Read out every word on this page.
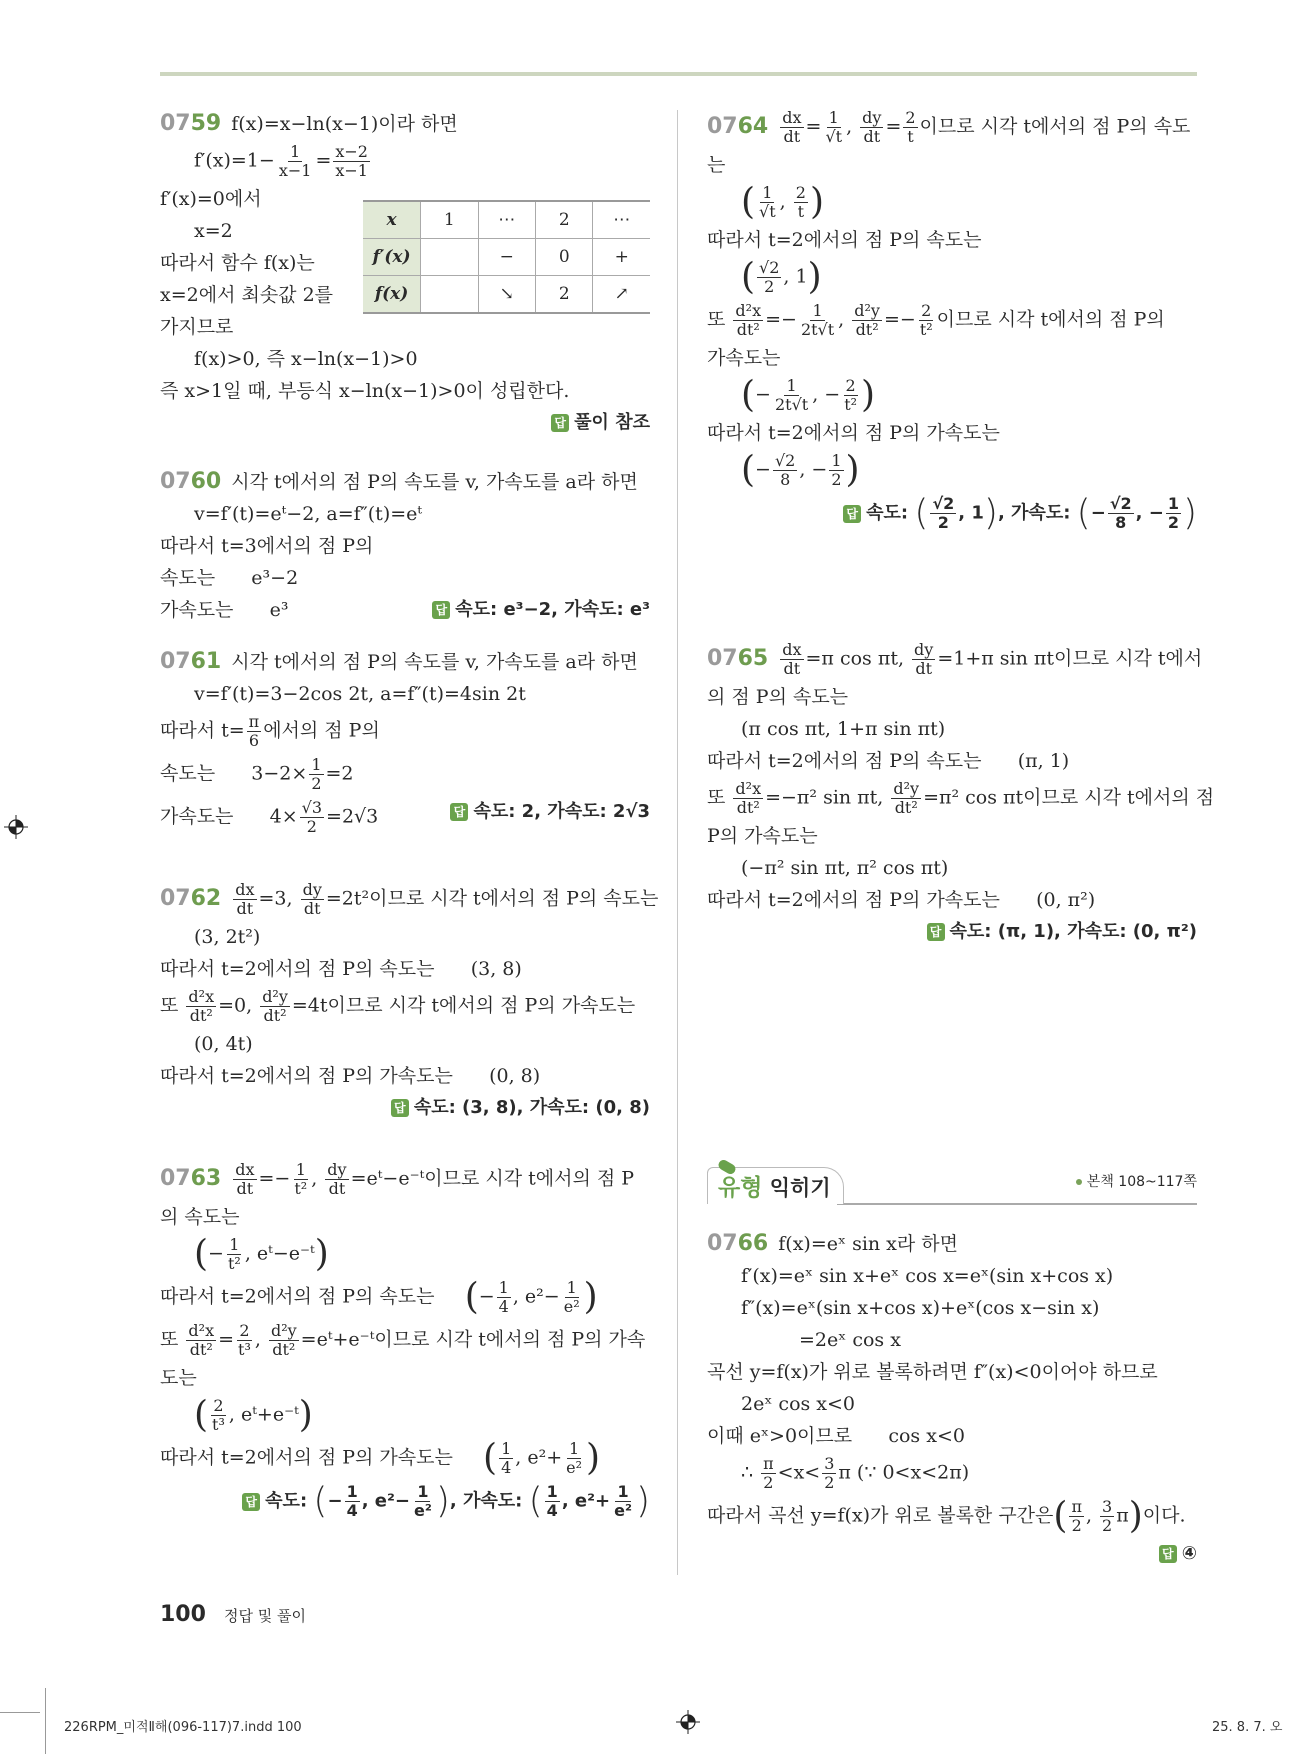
0759 f(x)=x−ln(x−1)이라 하면
$f'(x)=1- \frac{1}{x-1} = \frac{x-2}{x-1}$
f′(x)=0에서
x=2
따라서 함수 f(x)는
x=2에서 최솟값 2를
가지므로
f(x)>0, 즉 x−ln(x−1)>0
즉 x>1일 때, 부등식 x−ln(x−1)>0이 성립한다.
답 풀이 참조
x	1	⋯	2	⋯
f′(x)		−	0	+
f(x)		↘	2	↗
0760 시각 t에서의 점 P의 속도를 v, 가속도를 a라 하면
v=f′(t)=eᵗ−2, a=f″(t)=eᵗ
따라서 t=3에서의 점 P의
속도는      e³−2
가속도는      e³	답 속도: e³−2, 가속도: e³
0761 시각 t에서의 점 P의 속도를 v, 가속도를 a라 하면
v=f′(t)=3−2cos 2t, a=f″(t)=4sin 2t
따라서 $t= \frac{\pi}{6}$ 에서의 점 P의
속도는      $3-2\times \frac{1}{2} =2$
가속도는      $4\times \frac{√3}{2} =2√3$	답 속도: 2, 가속도: 2√3
$0762 \frac{dx}{dt} =3$, $\frac{dy}{dt} =2t^2$이므로 시각 t에서의 점 P의 속도는
(3, 2t²)
따라서 t=2에서의 점 P의 속도는      (3, 8)
또 $\frac{\text{d²x}}{\text{dt²}} =0$, $\frac{\text{d²y}}{\text{dt²}} =4t$이므로 시각 t에서의 점 P의 가속도는
(0, 4t)
따라서 t=2에서의 점 P의 가속도는      (0, 8)
답 속도: (3, 8), 가속도: (0, 8)
$0763 \frac{dx}{dt} =- \frac{1}{\text{t²}}$ , $\frac{dy}{dt}$ =eᵗ−e⁻ᵗ이므로 시각 t에서의 점 P
의 속도는
(− $\frac{1}{\text{t²}}$ , eᵗ−e⁻ᵗ)
따라서 t=2에서의 점 P의 속도는     (− $\frac{1}{4}$ , $e^2- \frac{1}{\text{e²}}$ )
또 $\frac{\text{d²x}}{\text{dt²}} = \frac{2}{\text{t³}}$ , $\frac{\text{d²y}}{\text{dt²}}$ =eᵗ+e⁻ᵗ이므로 시각 t에서의 점 P의 가속
도는
( $\frac{2}{\text{t³}}$ , eᵗ+e⁻ᵗ)
따라서 t=2에서의 점 P의 가속도는     ( $\frac{1}{4}$ , $e^2+ \frac{1}{\text{e²}}$ )
답 속도: (− $\frac{1}{4}$ , $e^2- \frac{1}{\text{e²}}$ ), 가속도: ( $\frac{1}{4}$ , $e^2+ \frac{1}{\text{e²}}$ )
$0764 \frac{dx}{dt} = \frac{1}{√t}$ , $\frac{dy}{dt} = \frac{2}{t}$ 이므로 시각 t에서의 점 P의 속도
는
( $\frac{1}{√t}$ , $\frac{2}{t}$ )
따라서 t=2에서의 점 P의 속도는
( $\frac{√2}{2}$ , 1)
또 $\frac{\text{d²x}}{\text{dt²}} =- \frac{1}{2t√t}$ , $\frac{\text{d²y}}{\text{dt²}} =- \frac{2}{\text{t²}}$ 이므로 시각 t에서의 점 P의
가속도는
(− $\frac{1}{2t√t}$ , − $\frac{2}{\text{t²}}$ )
따라서 t=2에서의 점 P의 가속도는
(− $\frac{√2}{8}$ , − $\frac{1}{2}$ )
답 속도: ( $\frac{√2}{2}$ , 1), 가속도: (− $\frac{√2}{8}$ , − $\frac{1}{2}$ )
$0765 \frac{dx}{dt} =\pi$ cos πt, $\frac{dy}{dt} =1+\pi$ sin πt이므로 시각 t에서
의 점 P의 속도는
(π cos πt, 1+π sin πt)
따라서 t=2에서의 점 P의 속도는      (π, 1)
또 $\frac{\text{d²x}}{\text{dt²}} =-\pi^2$ sin πt, $\frac{\text{d²y}}{\text{dt²}} =\pi^2$ cos πt이므로 시각 t에서의 점
P의 가속도는
(−π² sin πt, π² cos πt)
따라서 t=2에서의 점 P의 가속도는      (0, π²)
답 속도: (π, 1), 가속도: (0, π²)
0766 f(x)=eˣ sin x라 하면
f′(x)=eˣ sin x+eˣ cos x=eˣ(sin x+cos x)
f″(x)=eˣ(sin x+cos x)+eˣ(cos x−sin x)
=2eˣ cos x
곡선 y=f(x)가 위로 볼록하려면 f″(x)<0이어야 하므로
2eˣ cos x<0
이때 eˣ>0이므로      cos x<0
∴ $\frac{\pi}{2} <x< \frac{3}{2}$ π (∵ 0<x<2π)
따라서 곡선 y=f(x)가 위로 볼록한 구간은( $\frac{\pi}{2}$ , $\frac{3}{2} \pi$)이다.
답 ④
유형 익히기	본책 108~117쪽
100 정답 및 풀이
226RPM_미적Ⅱ해(096-117)7.indd 100	25. 8. 7. 오
